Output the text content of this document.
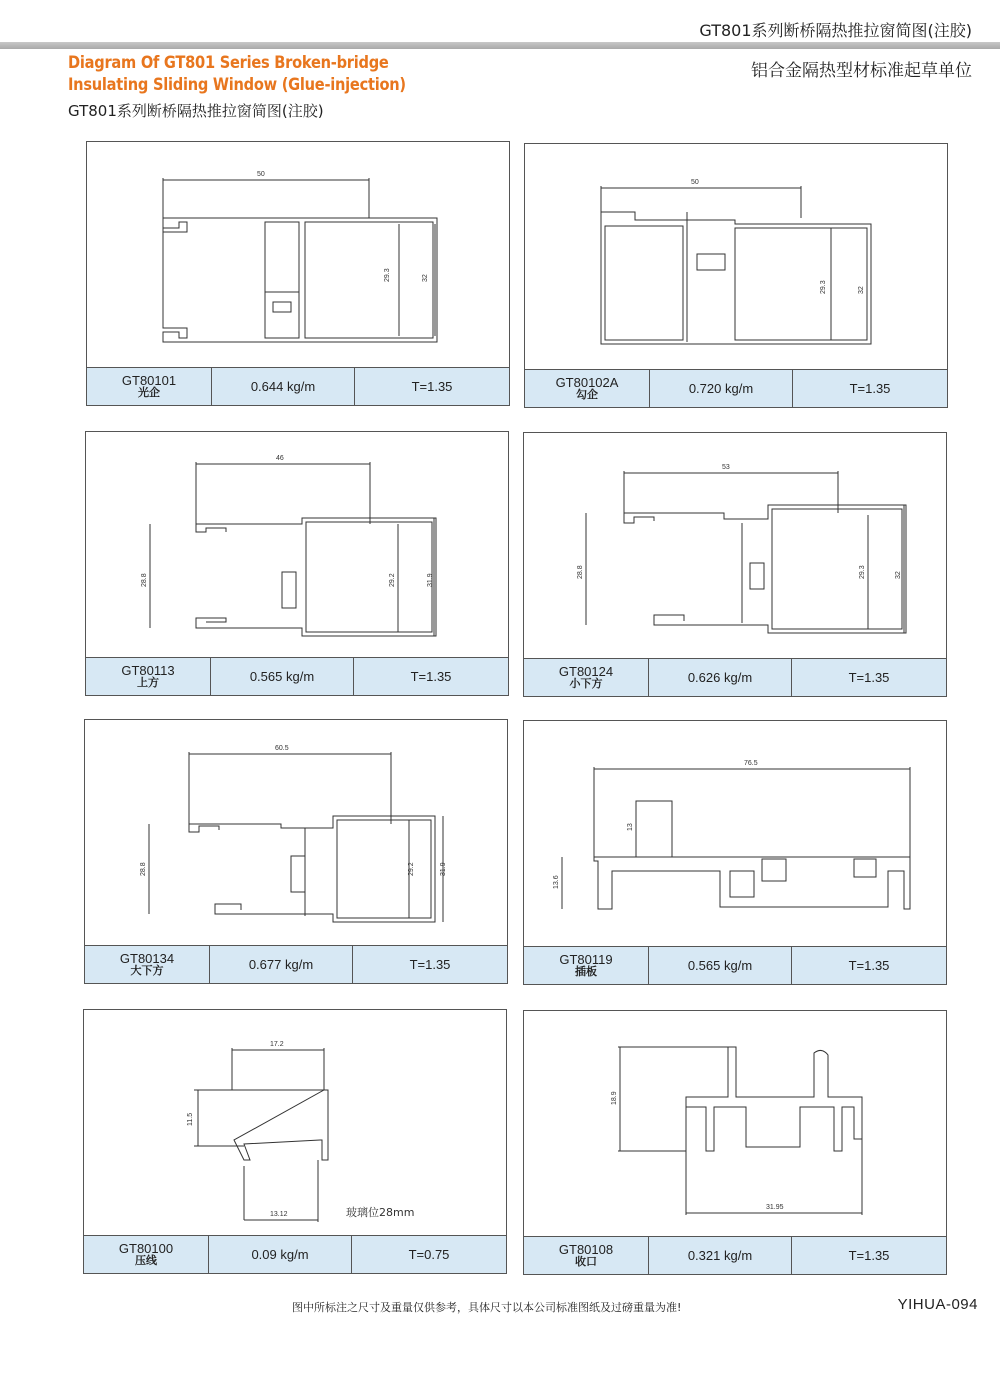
GT801系列断桥隔热推拉窗简图(注胶)
铝合金隔热型材标准起草单位
Diagram Of GT801 Series Broken-bridge
Insulating Sliding Window (Glue-injection)
GT801系列断桥隔热推拉窗简图(注胶)
50
29.3	32
GT80101
光企	0.644 kg/m	T=1.35
50
29.3	32
GT80102A
勾企	0.720 kg/m	T=1.35
46
28.8	29.2	31.9
GT80113
上方	0.565 kg/m	T=1.35
53
28.8	29.3	32
GT80124
小下方	0.626 kg/m	T=1.35
60.5
28.8	29.2	31.9
GT80134
大下方	0.677 kg/m	T=1.35
76.5
13
13.6
GT80119
插板	0.565 kg/m	T=1.35
17.2
11.5
13.12	玻璃位28mm
GT80100
压线	0.09 kg/m	T=0.75
18.9
31.95
GT80108
收口	0.321 kg/m	T=1.35
图中所标注之尺寸及重量仅供参考，具体尺寸以本公司标准图纸及过磅重量为准!	YIHUA-094
